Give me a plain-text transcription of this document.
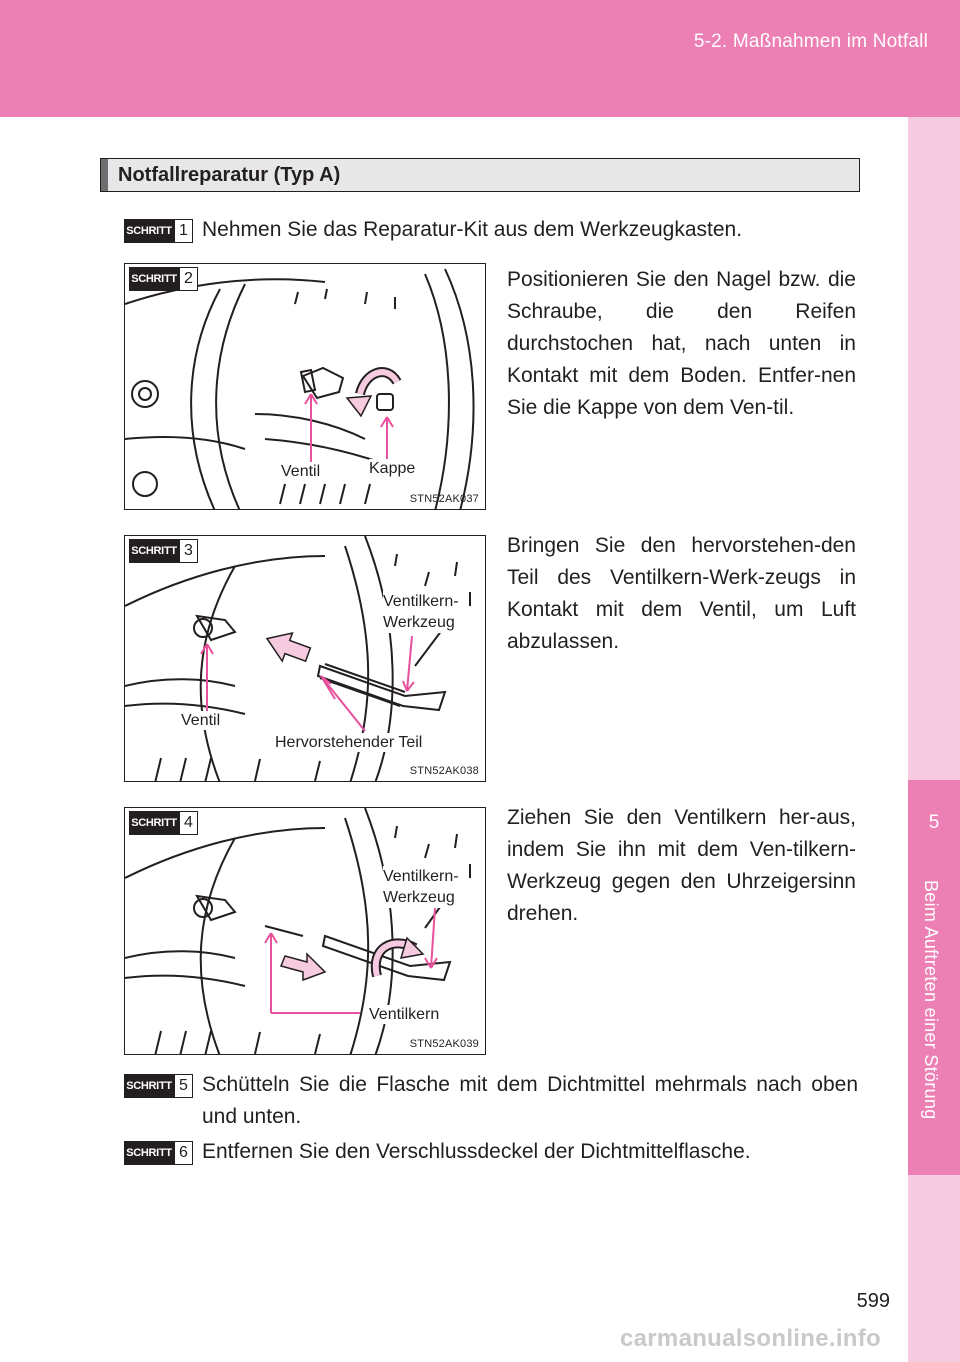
5-2. Maßnahmen im Notfall
5
Beim Auftreten einer Störung
Notfallreparatur (Typ A)
SCHRITT 1 Nehmen Sie das Reparatur-Kit aus dem Werkzeugkasten.
SCHRITT 2
Ventil	Kappe
STN52AK037
Positionieren Sie den Nagel bzw. die Schraube, die den Reifen durchstochen hat, nach unten in Kontakt mit dem Boden. Entfer-nen Sie die Kappe von dem Ven-til.
SCHRITT 3
Ventilkern-
Werkzeug
Ventil
Hervorstehender Teil
STN52AK038
Bringen Sie den hervorstehen-den Teil des Ventilkern-Werk-zeugs in Kontakt mit dem Ventil, um Luft abzulassen.
SCHRITT 4
Ventilkern-
Werkzeug
Ventilkern
STN52AK039
Ziehen Sie den Ventilkern her-aus, indem Sie ihn mit dem Ven-tilkern-Werkzeug gegen den Uhrzeigersinn drehen.
SCHRITT 5 Schütteln Sie die Flasche mit dem Dichtmittel mehrmals nach oben und unten.
SCHRITT 6 Entfernen Sie den Verschlussdeckel der Dichtmittelflasche.
599
carmanualsonline.info
